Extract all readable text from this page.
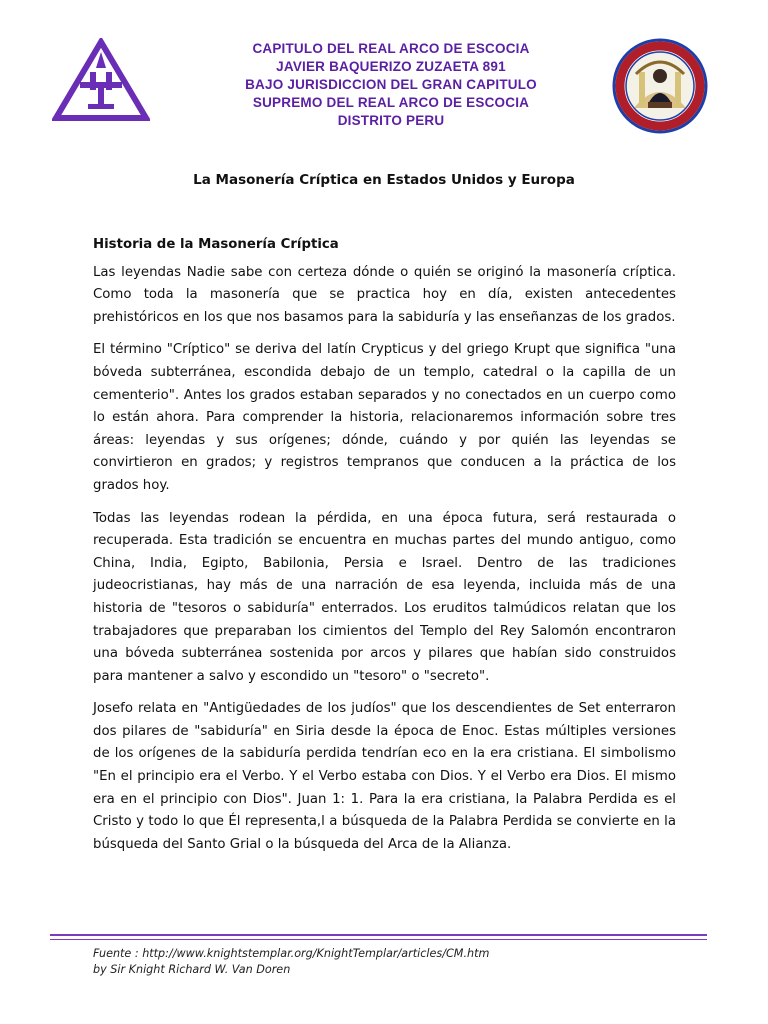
CAPITULO DEL REAL ARCO DE ESCOCIA
JAVIER BAQUERIZO ZUZAETA 891
BAJO JURISDICCION DEL GRAN CAPITULO
SUPREMO DEL REAL ARCO DE ESCOCIA
DISTRITO PERU
La Masonería Críptica en Estados Unidos y Europa
Historia de la Masonería Críptica

Las leyendas Nadie sabe con certeza dónde o quién se originó la masonería críptica. Como toda la masonería que se practica hoy en día, existen antecedentes prehistóricos en los que nos basamos para la sabiduría y las enseñanzas de los grados.

El término "Críptico" se deriva del latín Crypticus y del griego Krupt que significa "una bóveda subterránea, escondida debajo de un templo, catedral o la capilla de un cementerio". Antes los grados estaban separados y no conectados en un cuerpo como lo están ahora. Para comprender la historia, relacionaremos información sobre tres áreas: leyendas y sus orígenes; dónde, cuándo y por quién las leyendas se convirtieron en grados; y registros tempranos que conducen a la práctica de los grados hoy.

Todas las leyendas rodean la pérdida, en una época futura, será restaurada o recuperada. Esta tradición se encuentra en muchas partes del mundo antiguo, como China, India, Egipto, Babilonia, Persia e Israel. Dentro de las tradiciones judeocristianas, hay más de una narración de esa leyenda, incluida más de una historia de "tesoros o sabiduría" enterrados. Los eruditos talmúdicos relatan que los trabajadores que preparaban los cimientos del Templo del Rey Salomón encontraron una bóveda subterránea sostenida por arcos y pilares que habían sido construidos para mantener a salvo y escondido un "tesoro" o "secreto".

Josefo relata en "Antigüedades de los judíos" que los descendientes de Set enterraron dos pilares de "sabiduría" en Siria desde la época de Enoc. Estas múltiples versiones de los orígenes de la sabiduría perdida tendrían eco en la era cristiana. El simbolismo "En el principio era el Verbo. Y el Verbo estaba con Dios. Y el Verbo era Dios. El mismo era en el principio con Dios". Juan 1: 1. Para la era cristiana, la Palabra Perdida es el Cristo y todo lo que Él representa,l a búsqueda de la Palabra Perdida se convierte en la búsqueda del Santo Grial o la búsqueda del Arca de la Alianza.

Fuente : http://www.knightstemplar.org/KnightTemplar/articles/CM.htm
by Sir Knight Richard W. Van Doren
